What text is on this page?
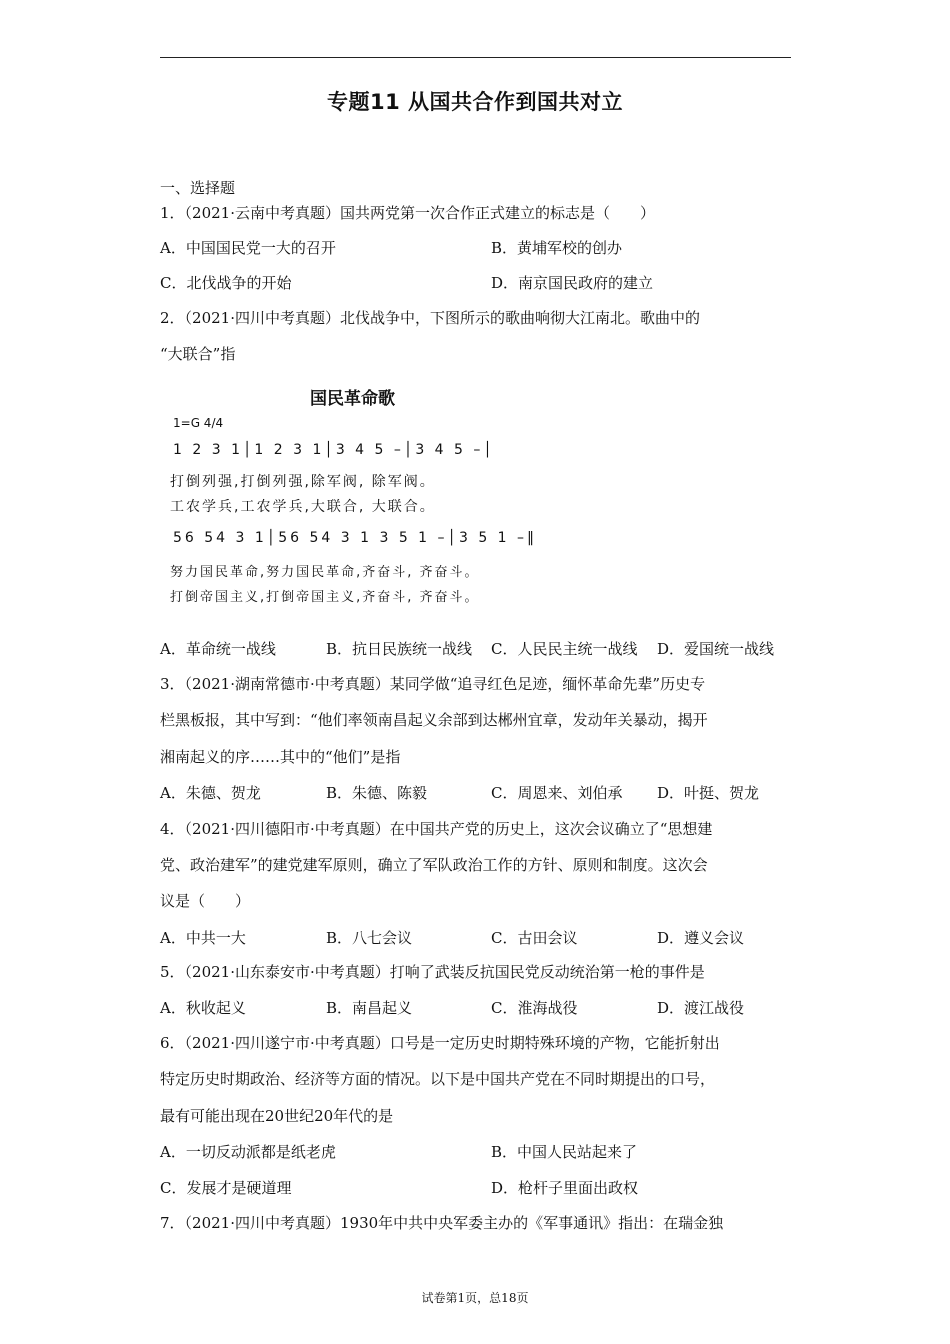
专题11 从国共合作到国共对立
一、选择题
1．（2021·云南中考真题）国共两党第一次合作正式建立的标志是（　　）
A．中国国民党一大的召开	B．黄埔军校的创办
C．北伐战争的开始	D．南京国民政府的建立
2．（2021·四川中考真题）北伐战争中，下图所示的歌曲响彻大江南北。歌曲中的
“大联合”指
国民革命歌
1=G 4/4
1 2 3 1│1 2 3 1│3 4 5 –│3 4 5 –│
打倒列强,打倒列强,除军阀, 除军阀。
工农学兵,工农学兵,大联合, 大联合。
56 54 3 1│56 54 3 1 3 5 1 –│3 5 1 –‖
努力国民革命,努力国民革命,齐奋斗, 齐奋斗。
打倒帝国主义,打倒帝国主义,齐奋斗, 齐奋斗。
A．革命统一战线	B．抗日民族统一战线 C．人民民主统一战线 D．爱国统一战线
3．（2021·湖南常德市·中考真题）某同学做“追寻红色足迹，缅怀革命先辈”历史专
栏黑板报，其中写到：“他们率领南昌起义余部到达郴州宜章，发动年关暴动，揭开
湘南起义的序……其中的“他们”是指
A．朱德、贺龙	B．朱德、陈毅	C．周恩来、刘伯承 D．叶挺、贺龙
4．（2021·四川德阳市·中考真题）在中国共产党的历史上，这次会议确立了“思想建
党、政治建军”的建党建军原则，确立了军队政治工作的方针、原则和制度。这次会
议是（　　）
A．中共一大	B．八七会议	C．古田会议	D．遵义会议
5．（2021·山东泰安市·中考真题）打响了武装反抗国民党反动统治第一枪的事件是
A．秋收起义	B．南昌起义	C．淮海战役	D．渡江战役
6．（2021·四川遂宁市·中考真题）口号是一定历史时期特殊环境的产物，它能折射出
特定历史时期政治、经济等方面的情况。以下是中国共产党在不同时期提出的口号，
最有可能出现在20世纪20年代的是
A．一切反动派都是纸老虎	B．中国人民站起来了
C．发展才是硬道理	D．枪杆子里面出政权
7．（2021·四川中考真题）1930年中共中央军委主办的《军事通讯》指出：在瑞金独
试卷第1页，总18页
